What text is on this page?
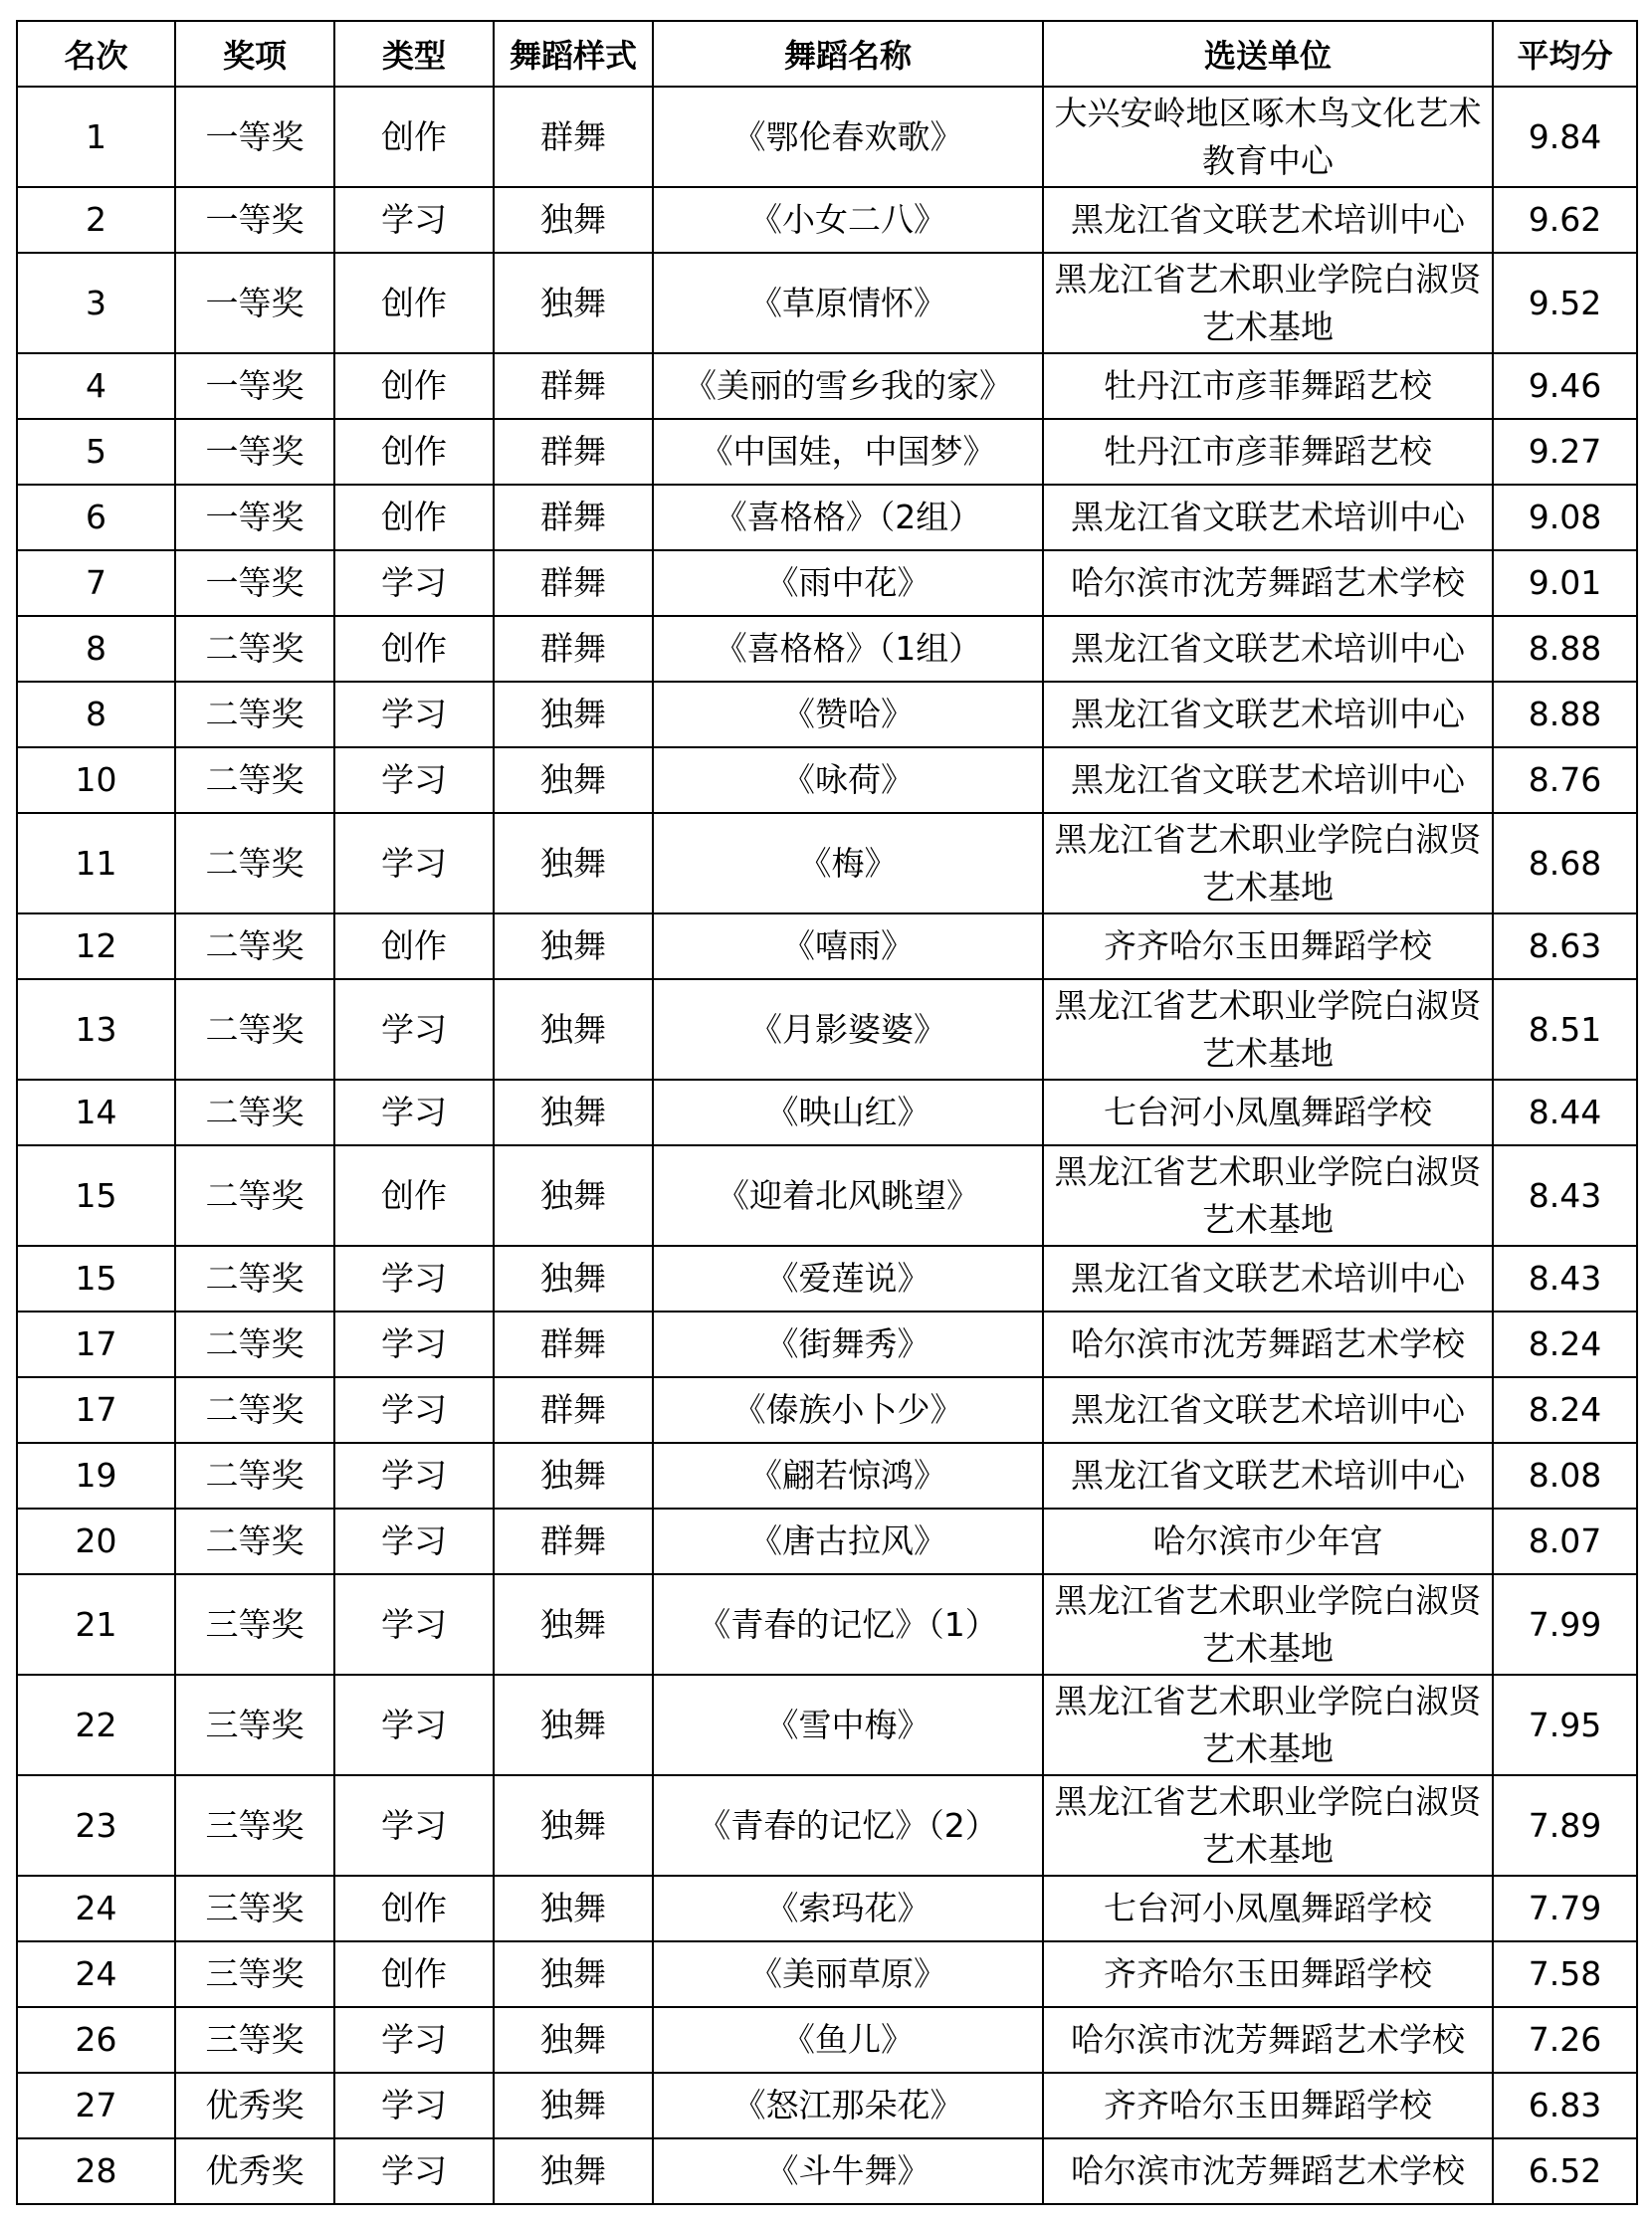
名次	奖项	类型	舞蹈样式	舞蹈名称	选送单位	平均分
1	一等奖	创作	群舞	《鄂伦春欢歌》	大兴安岭地区啄木鸟文化艺术教育中心	9.84
2	一等奖	学习	独舞	《小女二八》	黑龙江省文联艺术培训中心	9.62
3	一等奖	创作	独舞	《草原情怀》	黑龙江省艺术职业学院白淑贤艺术基地	9.52
4	一等奖	创作	群舞	《美丽的雪乡我的家》	牡丹江市彦菲舞蹈艺校	9.46
5	一等奖	创作	群舞	《中国娃，中国梦》	牡丹江市彦菲舞蹈艺校	9.27
6	一等奖	创作	群舞	《喜格格》（2组）	黑龙江省文联艺术培训中心	9.08
7	一等奖	学习	群舞	《雨中花》	哈尔滨市沈芳舞蹈艺术学校	9.01
8	二等奖	创作	群舞	《喜格格》（1组）	黑龙江省文联艺术培训中心	8.88
8	二等奖	学习	独舞	《赞哈》	黑龙江省文联艺术培训中心	8.88
10	二等奖	学习	独舞	《咏荷》	黑龙江省文联艺术培训中心	8.76
11	二等奖	学习	独舞	《梅》	黑龙江省艺术职业学院白淑贤艺术基地	8.68
12	二等奖	创作	独舞	《嘻雨》	齐齐哈尔玉田舞蹈学校	8.63
13	二等奖	学习	独舞	《月影婆婆》	黑龙江省艺术职业学院白淑贤艺术基地	8.51
14	二等奖	学习	独舞	《映山红》	七台河小凤凰舞蹈学校	8.44
15	二等奖	创作	独舞	《迎着北风眺望》	黑龙江省艺术职业学院白淑贤艺术基地	8.43
15	二等奖	学习	独舞	《爱莲说》	黑龙江省文联艺术培训中心	8.43
17	二等奖	学习	群舞	《街舞秀》	哈尔滨市沈芳舞蹈艺术学校	8.24
17	二等奖	学习	群舞	《傣族小卜少》	黑龙江省文联艺术培训中心	8.24
19	二等奖	学习	独舞	《翩若惊鸿》	黑龙江省文联艺术培训中心	8.08
20	二等奖	学习	群舞	《唐古拉风》	哈尔滨市少年宫	8.07
21	三等奖	学习	独舞	《青春的记忆》（1）	黑龙江省艺术职业学院白淑贤艺术基地	7.99
22	三等奖	学习	独舞	《雪中梅》	黑龙江省艺术职业学院白淑贤艺术基地	7.95
23	三等奖	学习	独舞	《青春的记忆》（2）	黑龙江省艺术职业学院白淑贤艺术基地	7.89
24	三等奖	创作	独舞	《索玛花》	七台河小凤凰舞蹈学校	7.79
24	三等奖	创作	独舞	《美丽草原》	齐齐哈尔玉田舞蹈学校	7.58
26	三等奖	学习	独舞	《鱼儿》	哈尔滨市沈芳舞蹈艺术学校	7.26
27	优秀奖	学习	独舞	《怒江那朵花》	齐齐哈尔玉田舞蹈学校	6.83
28	优秀奖	学习	独舞	《斗牛舞》	哈尔滨市沈芳舞蹈艺术学校	6.52
